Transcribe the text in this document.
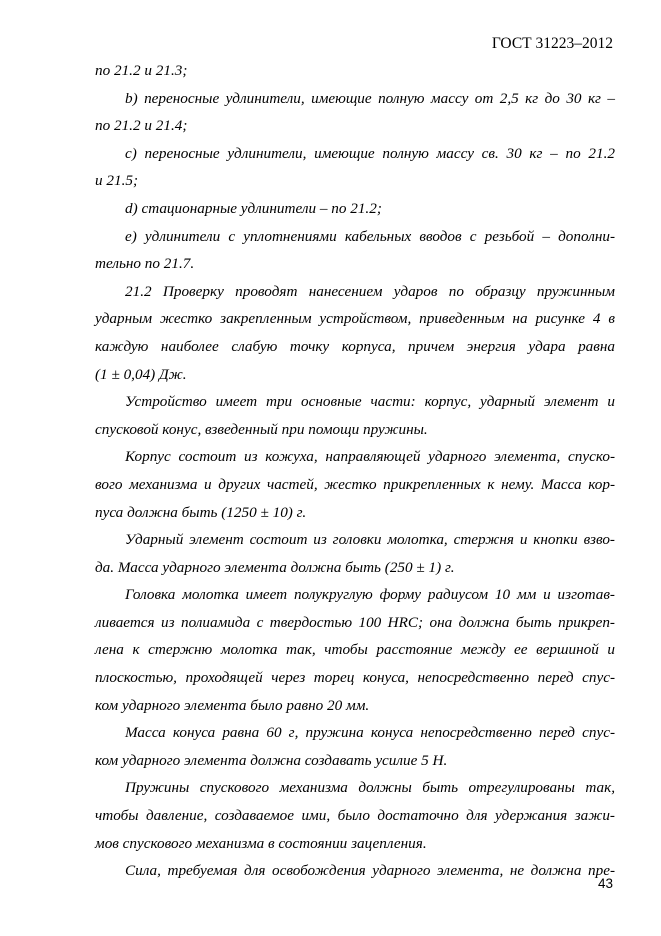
ГОСТ 31223–2012
по 21.2 и 21.3;
b) переносные удлинители, имеющие полную массу от 2,5 кг до 30 кг –
по 21.2 и 21.4;
c) переносные удлинители, имеющие полную массу св. 30 кг – по 21.2
и 21.5;
d) стационарные удлинители – по 21.2;
e) удлинители с уплотнениями кабельных вводов с резьбой – дополни-
тельно по 21.7.
21.2 Проверку проводят нанесением ударов по образцу пружинным
ударным жестко закрепленным устройством, приведенным на рисунке 4 в
каждую наиболее слабую точку корпуса, причем энергия удара равна
(1 ± 0,04) Дж.
Устройство имеет три основные части: корпус, ударный элемент и
спусковой конус, взведенный при помощи пружины.
Корпус состоит из кожуха, направляющей ударного элемента, спуско-
вого механизма и других частей, жестко прикрепленных к нему. Масса кор-
пуса должна быть (1250 ± 10) г.
Ударный элемент состоит из головки молотка, стержня и кнопки взво-
да. Масса ударного элемента должна быть (250 ± 1) г.
Головка молотка имеет полукруглую форму радиусом 10 мм и изготав-
ливается из полиамида с твердостью 100 HRC; она должна быть прикреп-
лена к стержню молотка так, чтобы расстояние между ее вершиной и
плоскостью, проходящей через торец конуса, непосредственно перед спус-
ком ударного элемента было равно 20 мм.
Масса конуса равна 60 г, пружина конуса непосредственно перед спус-
ком ударного элемента должна создавать усилие 5 Н.
Пружины спускового механизма должны быть отрегулированы так,
чтобы давление, создаваемое ими, было достаточно для удержания зажи-
мов спускового механизма в состоянии зацепления.
Сила, требуемая для освобождения ударного элемента, не должна пре-
43
